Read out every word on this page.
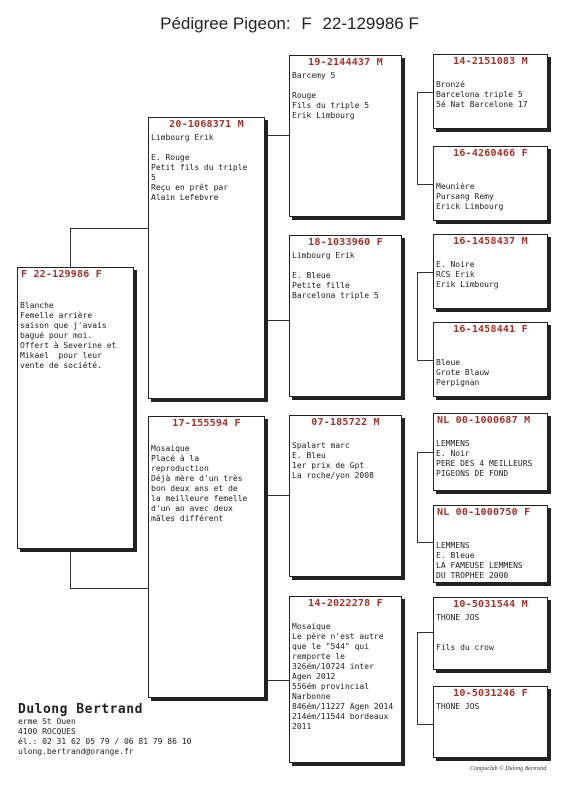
Pédigree Pigeon: F 22-129986 F
F 22-129986 F
Blanche
Femelle arrière
saison que j'avais
bagué pour moi.
Offert à Severine et
Mikael  pour leur
vente de société.
20-1068371 M
Limbourg Erik

E. Rouge
Petit fils du triple
5
Reçu en prêt par
Alain Lefebvre
17-155594 F
Mosaique
Placé à la
reproduction
Déjà mère d'un très
bon deux ans et de
la meilleure femelle
d'un an avec deux
mâles différent
19-2144437 M
Barcemy 5

Rouge
Fils du triple 5
Erik Limbourg
18-1033960 F
Limbourg Erik

E. Bleue
Petite fille
Barcelona triple 5
07-185722 M

Spalart marc
E. Bleu
1er prix de Gpt
La roche/yon 2008
14-2022278 F

Mosaique
Le père n'est autre
que le "544" qui
remporte le
326ém/10724 inter
Agen 2012
556ém provincial
Narbonne
846ém/11227 Agen 2014
214ém/11544 bordeaux
2011
14-2151083 M

Bronzé
Barcelona triple 5
5é Nat Barcelone 17
16-4260466 F

Meunière
Pursang Remy
Erick Limbourg
16-1458437 M

E. Noire
RCS Erik
Erik Limbourg
16-1458441 F

Bleue
Grote Blauw
Perpignan
NL 00-1000687 M
LEMMENS
E. Noir
PERE DES 4 MEILLEURS
PIGEONS DE FOND
NL 00-1000750 F

LEMMENS
E. Bleue
LA FAMEUSE LEMMENS
DU TROPHEE 2000
10-5031544 M
THONE JOS

Fils du crow
10-5031246 F
THONE JOS
Dulong Bertrand
erme St Ouen
4100 ROCQUES
él.: 02 31 62 05 79 / 06 81 79 86 10
ulong.bertrand@orange.fr
Compuclub © Dulong Bertrand
